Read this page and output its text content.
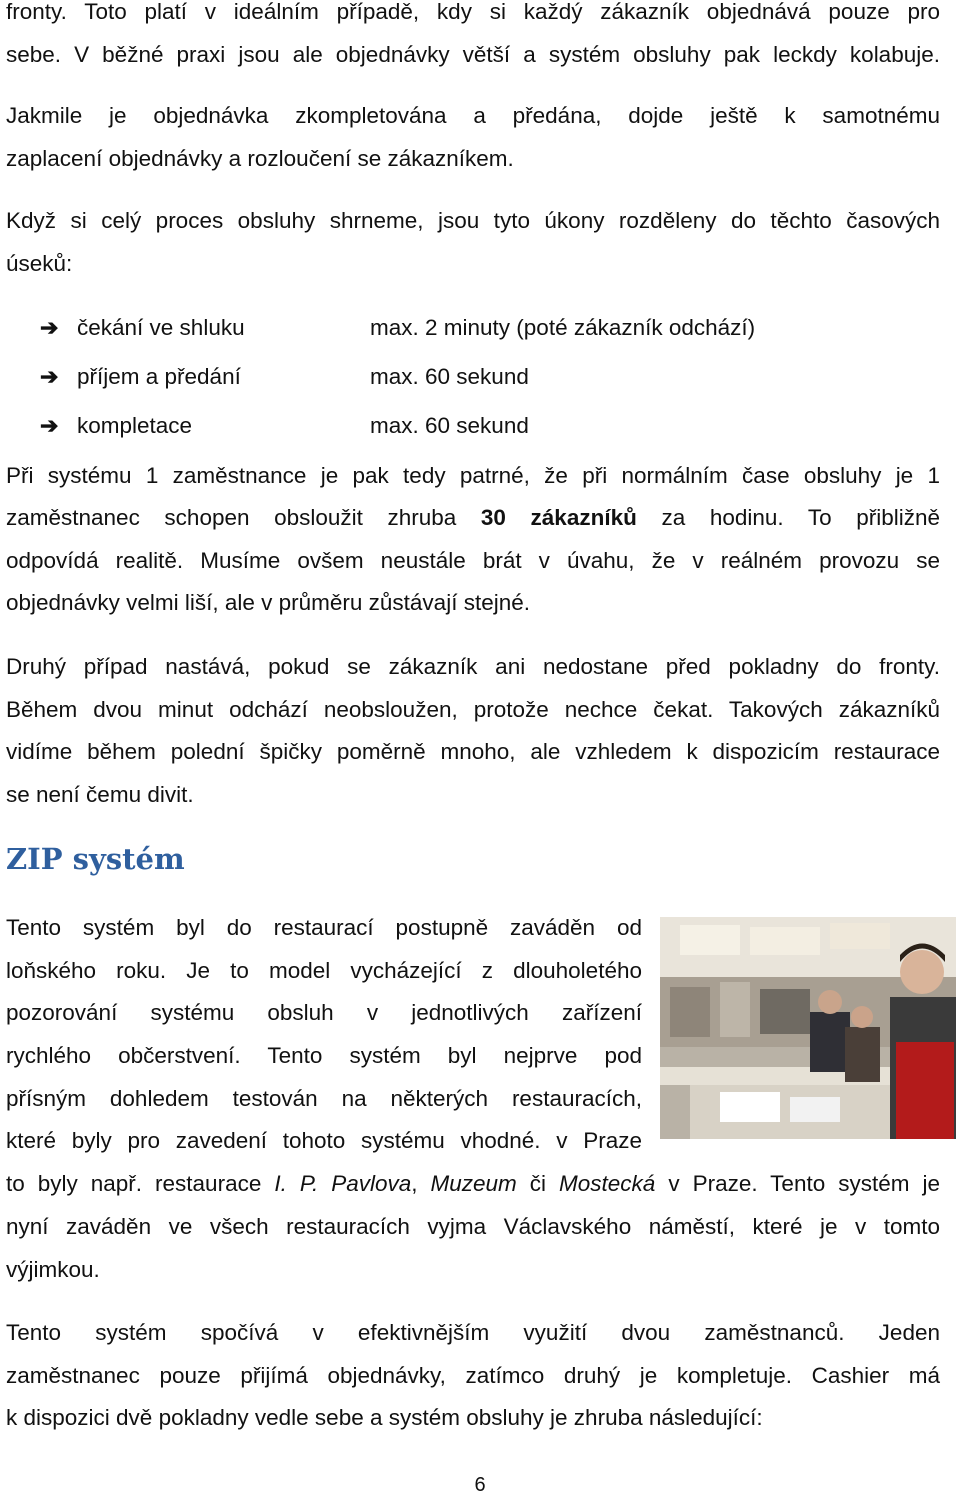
fronty. Toto platí v ideálním případě, kdy si každý zákazník objednává pouze pro

sebe. V běžné praxi jsou ale objednávky větší a systém obsluhy pak leckdy kolabuje.

Jakmile je objednávka zkompletována a předána, dojde ještě k samotnému

zaplacení objednávky a rozloučení se zákazníkem.

Když si celý proces obsluhy shrneme, jsou tyto úkony rozděleny do těchto časových

úseků:

➔ čekání ve shluku	max. 2 minuty (poté zákazník odchází)
➔ příjem a předání	max. 60 sekund
➔ kompletace	max. 60 sekund

Při systému 1 zaměstnance je pak tedy patrné, že při normálním čase obsluhy je 1

zaměstnanec schopen obsloužit zhruba 30 zákazníků za hodinu. To přibližně

odpovídá realitě. Musíme ovšem neustále brát v úvahu, že v reálném provozu se

objednávky velmi liší, ale v průměru zůstávají stejné.

Druhý případ nastává, pokud se zákazník ani nedostane před pokladny do fronty.

Během dvou minut odchází neobsloužen, protože nechce čekat. Takových zákazníků

vidíme během polední špičky poměrně mnoho, ale vzhledem k dispozicím restaurace

se není čemu divit.

ZIP systém

Tento systém byl do restaurací postupně zaváděn od

loňského roku. Je to model vycházející z dlouholetého

pozorování systému obsluh v jednotlivých zařízení

rychlého občerstvení. Tento systém byl nejprve pod

přísným dohledem testován na některých restauracích,

které byly pro zavedení tohoto systému vhodné. v Praze

to byly např. restaurace I. P. Pavlova, Muzeum či Mostecká v Praze. Tento systém je

nyní zaváděn ve všech restauracích vyjma Václavského náměstí, které je v tomto

výjimkou.

Tento systém spočívá v efektivnějším využití dvou zaměstnanců. Jeden

zaměstnanec pouze přijímá objednávky, zatímco druhý je kompletuje. Cashier má

k dispozici dvě pokladny vedle sebe a systém obsluhy je zhruba následující:

6
